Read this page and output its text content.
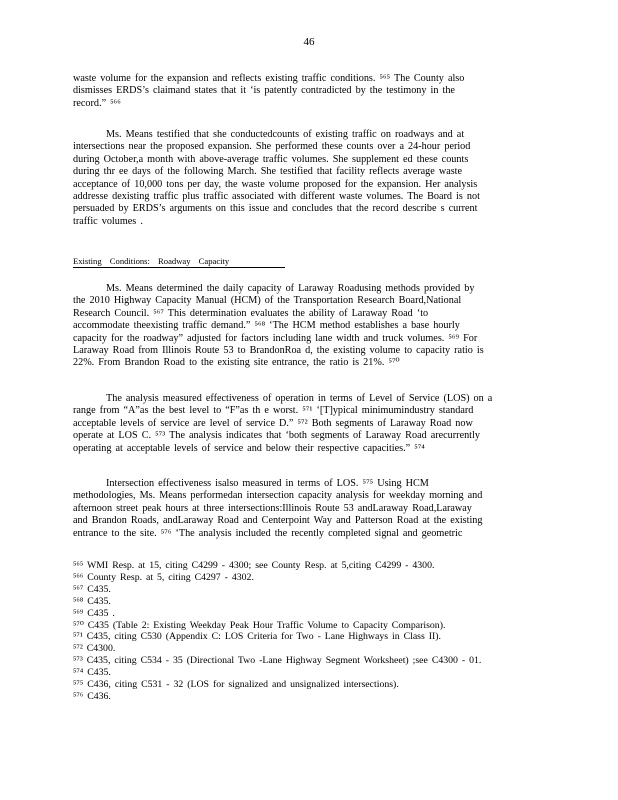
46
waste volume for the expansion and reflects existing traffic conditions. ⁵⁶⁵ The County also
dismisses ERDS’s claimand states that it ‘is patently contradicted by the testimony in the
record.” ⁵⁶⁶
Ms. Means testified that she conductedcounts of existing traffic on roadways and at
intersections near the proposed expansion. She performed these counts over a 24-hour period
during October,a month with above-average traffic volumes. She supplement ed these counts
during thr ee days of the following March. She testified that facility reflects average waste
acceptance of 10,000 tons per day, the waste volume proposed for the expansion. Her analysis
addresse dexisting traffic plus traffic associated with different waste volumes. The Board is not
persuaded by ERDS’s arguments on this issue and concludes that the record describe s current
traffic volumes .
Existing Conditions: Roadway Capacity
Ms. Means determined the daily capacity of Laraway Roadusing methods provided by
the 2010 Highway Capacity Manual (HCM) of the Transportation Research Board,National
Research Council. ⁵⁶⁷ This determination evaluates the ability of Laraway Road ‘to
accommodate theexisting traffic demand.” ⁵⁶⁸ ‘The HCM method establishes a base hourly
capacity for the roadway” adjusted for factors including lane width and truck volumes. ⁵⁶⁹ For
Laraway Road from Illinois Route 53 to BrandonRoa d, the existing volume to capacity ratio is
22%. From Brandon Road to the existing site entrance, the ratio is 21%. ⁵⁷⁰
The analysis measured effectiveness of operation in terms of Level of Service (LOS) on a
range from “A”as the best level to “F”as th e worst. ⁵⁷¹ ‘[T]ypical minimumindustry standard
acceptable levels of service are level of service D.” ⁵⁷² Both segments of Laraway Road now
operate at LOS C. ⁵⁷³ The analysis indicates that ‘both segments of Laraway Road arecurrently
operating at acceptable levels of service and below their respective capacities.” ⁵⁷⁴
Intersection effectiveness isalso measured in terms of LOS. ⁵⁷⁵ Using HCM
methodologies, Ms. Means performedan intersection capacity analysis for weekday morning and
afternoon street peak hours at three intersections:Illinois Route 53 andLaraway Road,Laraway
and Brandon Roads, andLaraway Road and Centerpoint Way and Patterson Road at the existing
entrance to the site. ⁵⁷⁶ ‘The analysis included the recently completed signal and geometric
⁵⁶⁵ WMI Resp. at 15, citing C4299 - 4300; see County Resp. at 5,citing C4299 - 4300.
⁵⁶⁶ County Resp. at 5, citing C4297 - 4302.
⁵⁶⁷ C435.
⁵⁶⁸ C435.
⁵⁶⁹ C435 .
⁵⁷⁰ C435 (Table 2: Existing Weekday Peak Hour Traffic Volume to Capacity Comparison).
⁵⁷¹ C435, citing C530 (Appendix C: LOS Criteria for Two - Lane Highways in Class II).
⁵⁷² C4300.
⁵⁷³ C435, citing C534 - 35 (Directional Two -Lane Highway Segment Worksheet) ;see C4300 - 01.
⁵⁷⁴ C435.
⁵⁷⁵ C436, citing C531 - 32 (LOS for signalized and unsignalized intersections).
⁵⁷⁶ C436.
